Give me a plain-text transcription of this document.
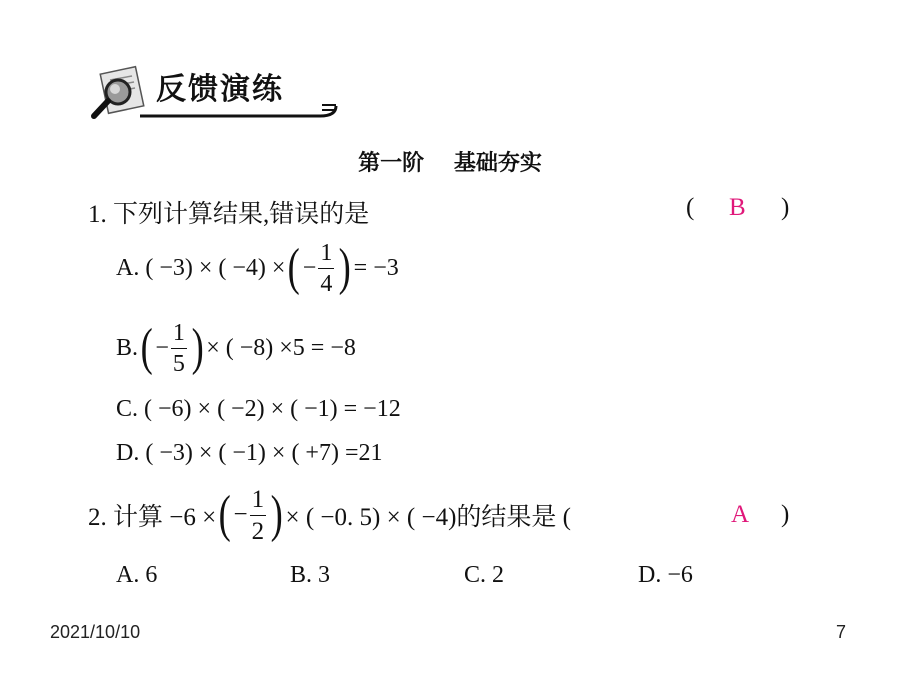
反馈演练
第一阶 基础夯实
1. 下列计算结果,错误的是	( B )
A. ( −3) × ( −4) × ( − $\frac{1}{4}$ ) = −3
B. ( − $\frac{1}{5}$ ) × ( −8) ×5 = −8
C. ( −6) × ( −2) × ( −1) = −12
D. ( −3) × ( −1) × ( +7) =21
2. 计算 −6 × ( − $\frac{1}{2}$ ) × ( −0. 5) × ( −4)的结果是 (	A )
A. 6	B. 3	C. 2	D. −6
2021/10/10	7
